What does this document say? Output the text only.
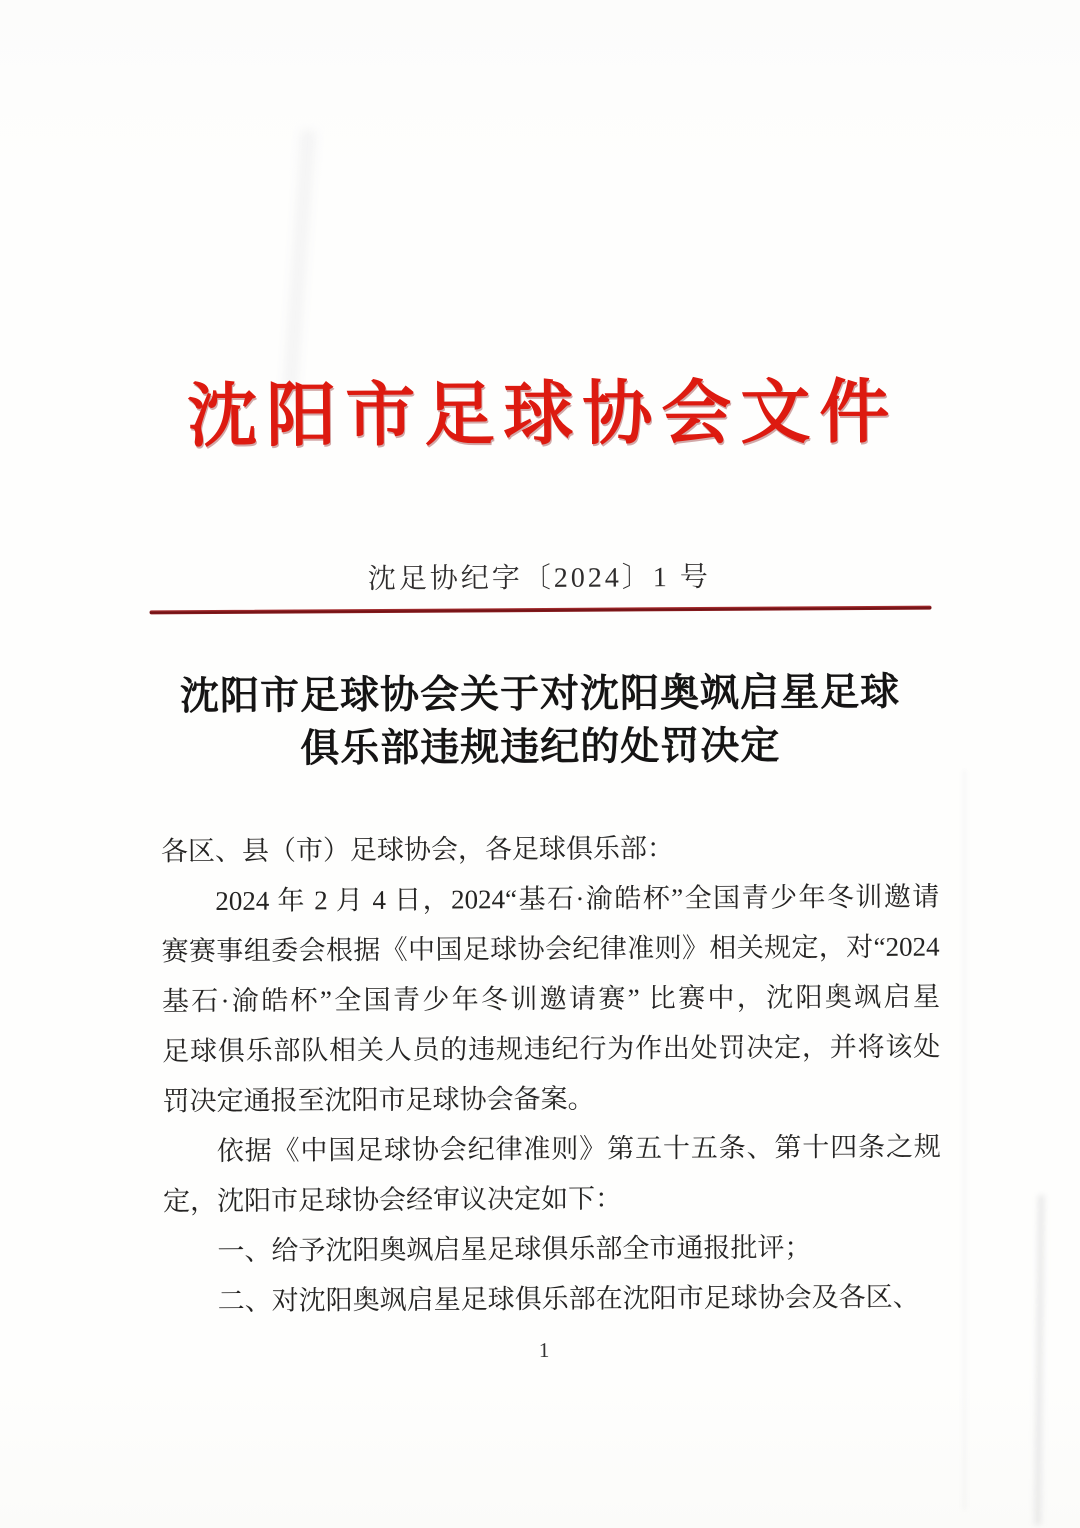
沈阳市足球协会文件
沈足协纪字〔2024〕1 号
沈阳市足球协会关于对沈阳奥飒启星足球
俱乐部违规违纪的处罚决定
各区、县（市）足球协会，各足球俱乐部：
2024 年 2 月 4 日，2024“基石·渝皓杯”全国青少年冬训邀请
赛赛事组委会根据《中国足球协会纪律准则》相关规定，对“2024
基石·渝皓杯”全国青少年冬训邀请赛” 比赛中，沈阳奥飒启星
足球俱乐部队相关人员的违规违纪行为作出处罚决定，并将该处
罚决定通报至沈阳市足球协会备案。
依据《中国足球协会纪律准则》第五十五条、第十四条之规
定，沈阳市足球协会经审议决定如下：
一、给予沈阳奥飒启星足球俱乐部全市通报批评；
二、对沈阳奥飒启星足球俱乐部在沈阳市足球协会及各区、
1
